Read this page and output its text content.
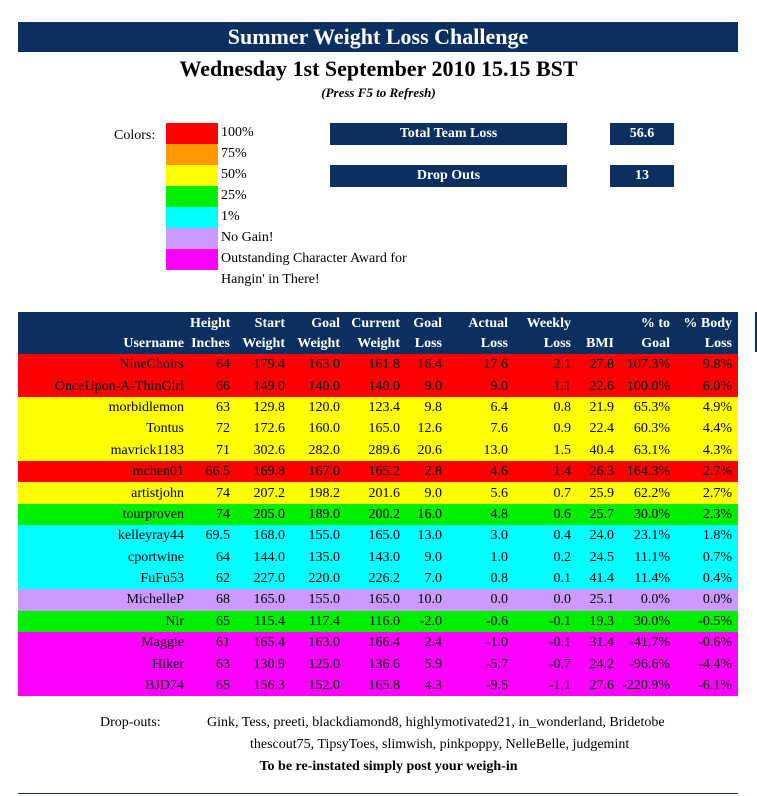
Summer Weight Loss Challenge
Wednesday 1st September 2010 15.15 BST
(Press F5 to Refresh)
Colors:	100%
75%
50%
25%
1%
No Gain!
Outstanding Character Award for
Hangin' in There!
Total Team Loss	56.6
Drop Outs	13
	Height	Start	Goal	Current	Goal	Actual	Weekly		% to	% Body
Username	Inches	Weight	Weight	Weight	Loss	Loss	Loss	BMI	Goal	Loss
NineChoirs	64	179.4	163.0	161.8	16.4	17.6	2.1	27.8	107.3%	9.8%
OnceUpon-A-ThinGirl	66	149.0	140.0	140.0	9.0	9.0	1.1	22.6	100.0%	6.0%
morbidlemon	63	129.8	120.0	123.4	9.8	6.4	0.8	21.9	65.3%	4.9%
Tontus	72	172.6	160.0	165.0	12.6	7.6	0.9	22.4	60.3%	4.4%
mavrick1183	71	302.6	282.0	289.6	20.6	13.0	1.5	40.4	63.1%	4.3%
mchen01	66.5	169.8	167.0	165.2	2.8	4.6	1.4	26.3	164.3%	2.7%
artistjohn	74	207.2	198.2	201.6	9.0	5.6	0.7	25.9	62.2%	2.7%
tourproven	74	205.0	189.0	200.2	16.0	4.8	0.6	25.7	30.0%	2.3%
kelleyray44	69.5	168.0	155.0	165.0	13.0	3.0	0.4	24.0	23.1%	1.8%
cportwine	64	144.0	135.0	143.0	9.0	1.0	0.2	24.5	11.1%	0.7%
FuFu53	62	227.0	220.0	226.2	7.0	0.8	0.1	41.4	11.4%	0.4%
MichelleP	68	165.0	155.0	165.0	10.0	0.0	0.0	25.1	0.0%	0.0%
Nir	65	115.4	117.4	116.0	-2.0	-0.6	-0.1	19.3	30.0%	-0.5%
Maggie	61	165.4	163.0	166.4	2.4	-1.0	-0.1	31.4	-41.7%	-0.6%
Hiker	63	130.9	125.0	136.6	5.9	-5.7	-0.7	24.2	-96.6%	-4.4%
BJD74	65	156.3	152.0	165.8	4.3	-9.5	-1.1	27.6	-220.9%	-6.1%
Drop-outs:	Gink, Tess, preeti, blackdiamond8, highlymotivated21, in_wonderland, Bridetobe
thescout75, TipsyToes, slimwish, pinkpoppy, NelleBelle, judgemint
To be re-instated simply post your weigh-in
